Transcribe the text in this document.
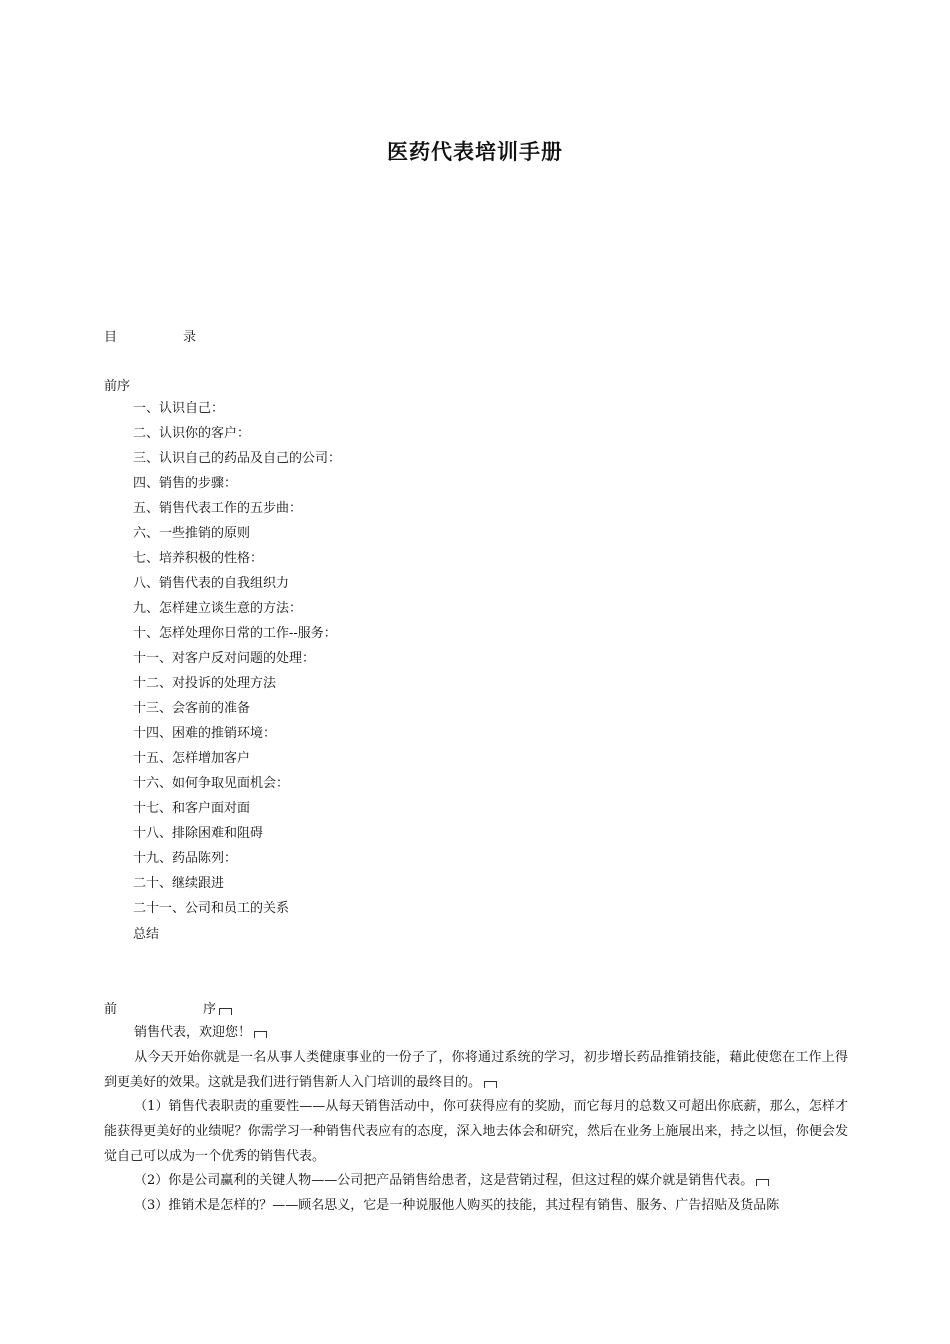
医药代表培训手册
目	录
前序
一、认识自己：
二、认识你的客户：
三、认识自己的药品及自己的公司：
四、销售的步骤：
五、销售代表工作的五步曲：
六、一些推销的原则
七、培养积极的性格：
八、销售代表的自我组织力
九、怎样建立谈生意的方法：
十、怎样处理你日常的工作--服务：
十一、对客户反对问题的处理：
十二、对投诉的处理方法
十三、会客前的准备
十四、困难的推销环境：
十五、怎样增加客户
十六、如何争取见面机会：
十七、和客户面对面
十八、排除困难和阻碍
十九、药品陈列：
二十、继续跟进
二十一、公司和员工的关系
总结
前	序
销售代表，欢迎您！
从今天开始你就是一名从事人类健康事业的一份子了，你将通过系统的学习，初步增长药品推销技能，藉此使您在工作上得到更美好的效果。这就是我们进行销售新人入门培训的最终目的。
（1）销售代表职责的重要性——从每天销售活动中，你可获得应有的奖励，而它每月的总数又可超出你底薪，那么，怎样才能获得更美好的业绩呢？你需学习一种销售代表应有的态度，深入地去体会和研究，然后在业务上施展出来，持之以恒，你便会发觉自己可以成为一个优秀的销售代表。
（2）你是公司赢利的关键人物——公司把产品销售给患者，这是营销过程，但这过程的媒介就是销售代表。
（3）推销术是怎样的？——顾名思义，它是一种说服他人购买的技能，其过程有销售、服务、广告招贴及货品陈
